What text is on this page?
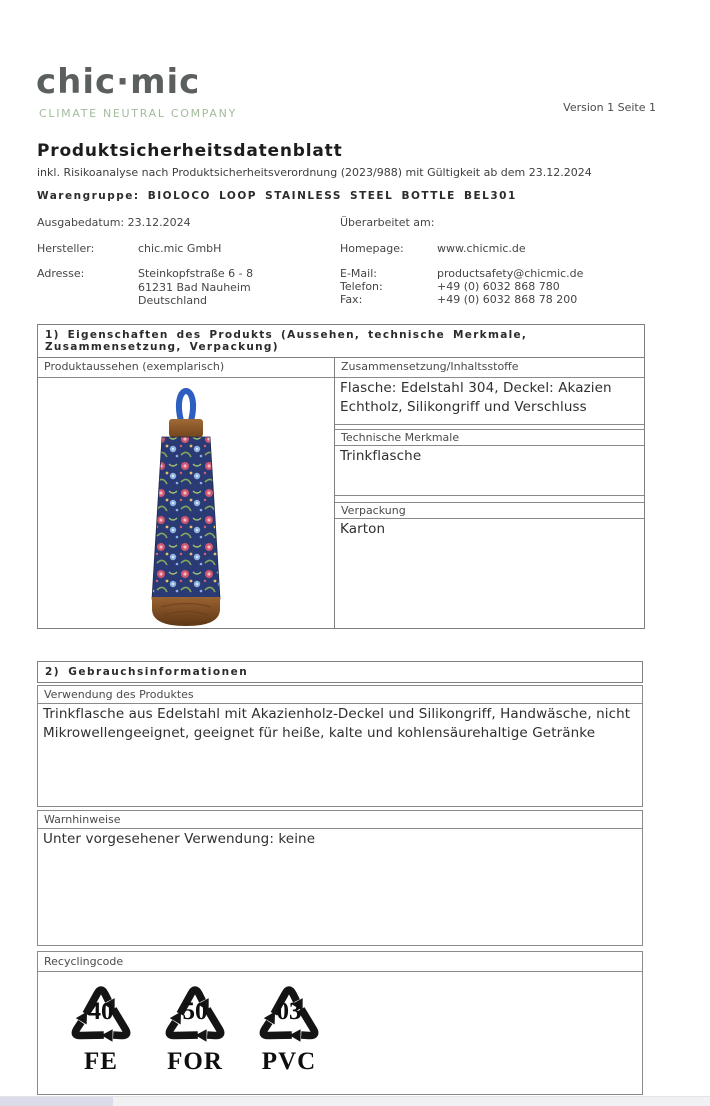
chic·mic
CLIMATE NEUTRAL COMPANY	Version 1 Seite 1
Produktsicherheitsdatenblatt
inkl. Risikoanalyse nach Produktsicherheitsverordnung (2023/988) mit Gültigkeit ab dem 23.12.2024
Warengruppe: BIOLOCO LOOP STAINLESS STEEL BOTTLE BEL301
Ausgabedatum: 23.12.2024	Überarbeitet am:
Hersteller:	chic.mic GmbH	Homepage:	www.chicmic.de
Adresse:	Steinkopfstraße 6 - 8
61231 Bad Nauheim
Deutschland
E-Mail:	productsafety@chicmic.de
Telefon:	+49 (0) 6032 868 780
Fax:	+49 (0) 6032 868 78 200
1) Eigenschaften des Produkts (Aussehen, technische Merkmale, Zusammensetzung, Verpackung)
Produktaussehen (exemplarisch)	Zusammensetzung/Inhaltsstoffe
Flasche: Edelstahl 304, Deckel: Akazien Echtholz, Silikongriff und Verschluss
Technische Merkmale
Trinkflasche
Verpackung
Karton
2) Gebrauchsinformationen
Verwendung des Produktes
Trinkflasche aus Edelstahl mit Akazienholz-Deckel und Silikongriff, Handwäsche, nicht Mikrowellengeeignet, geeignet für heiße, kalte und kohlensäurehaltige Getränke
Warnhinweise
Unter vorgesehener Verwendung: keine
Recyclingcode
40
FE
50
FOR
03
PVC
